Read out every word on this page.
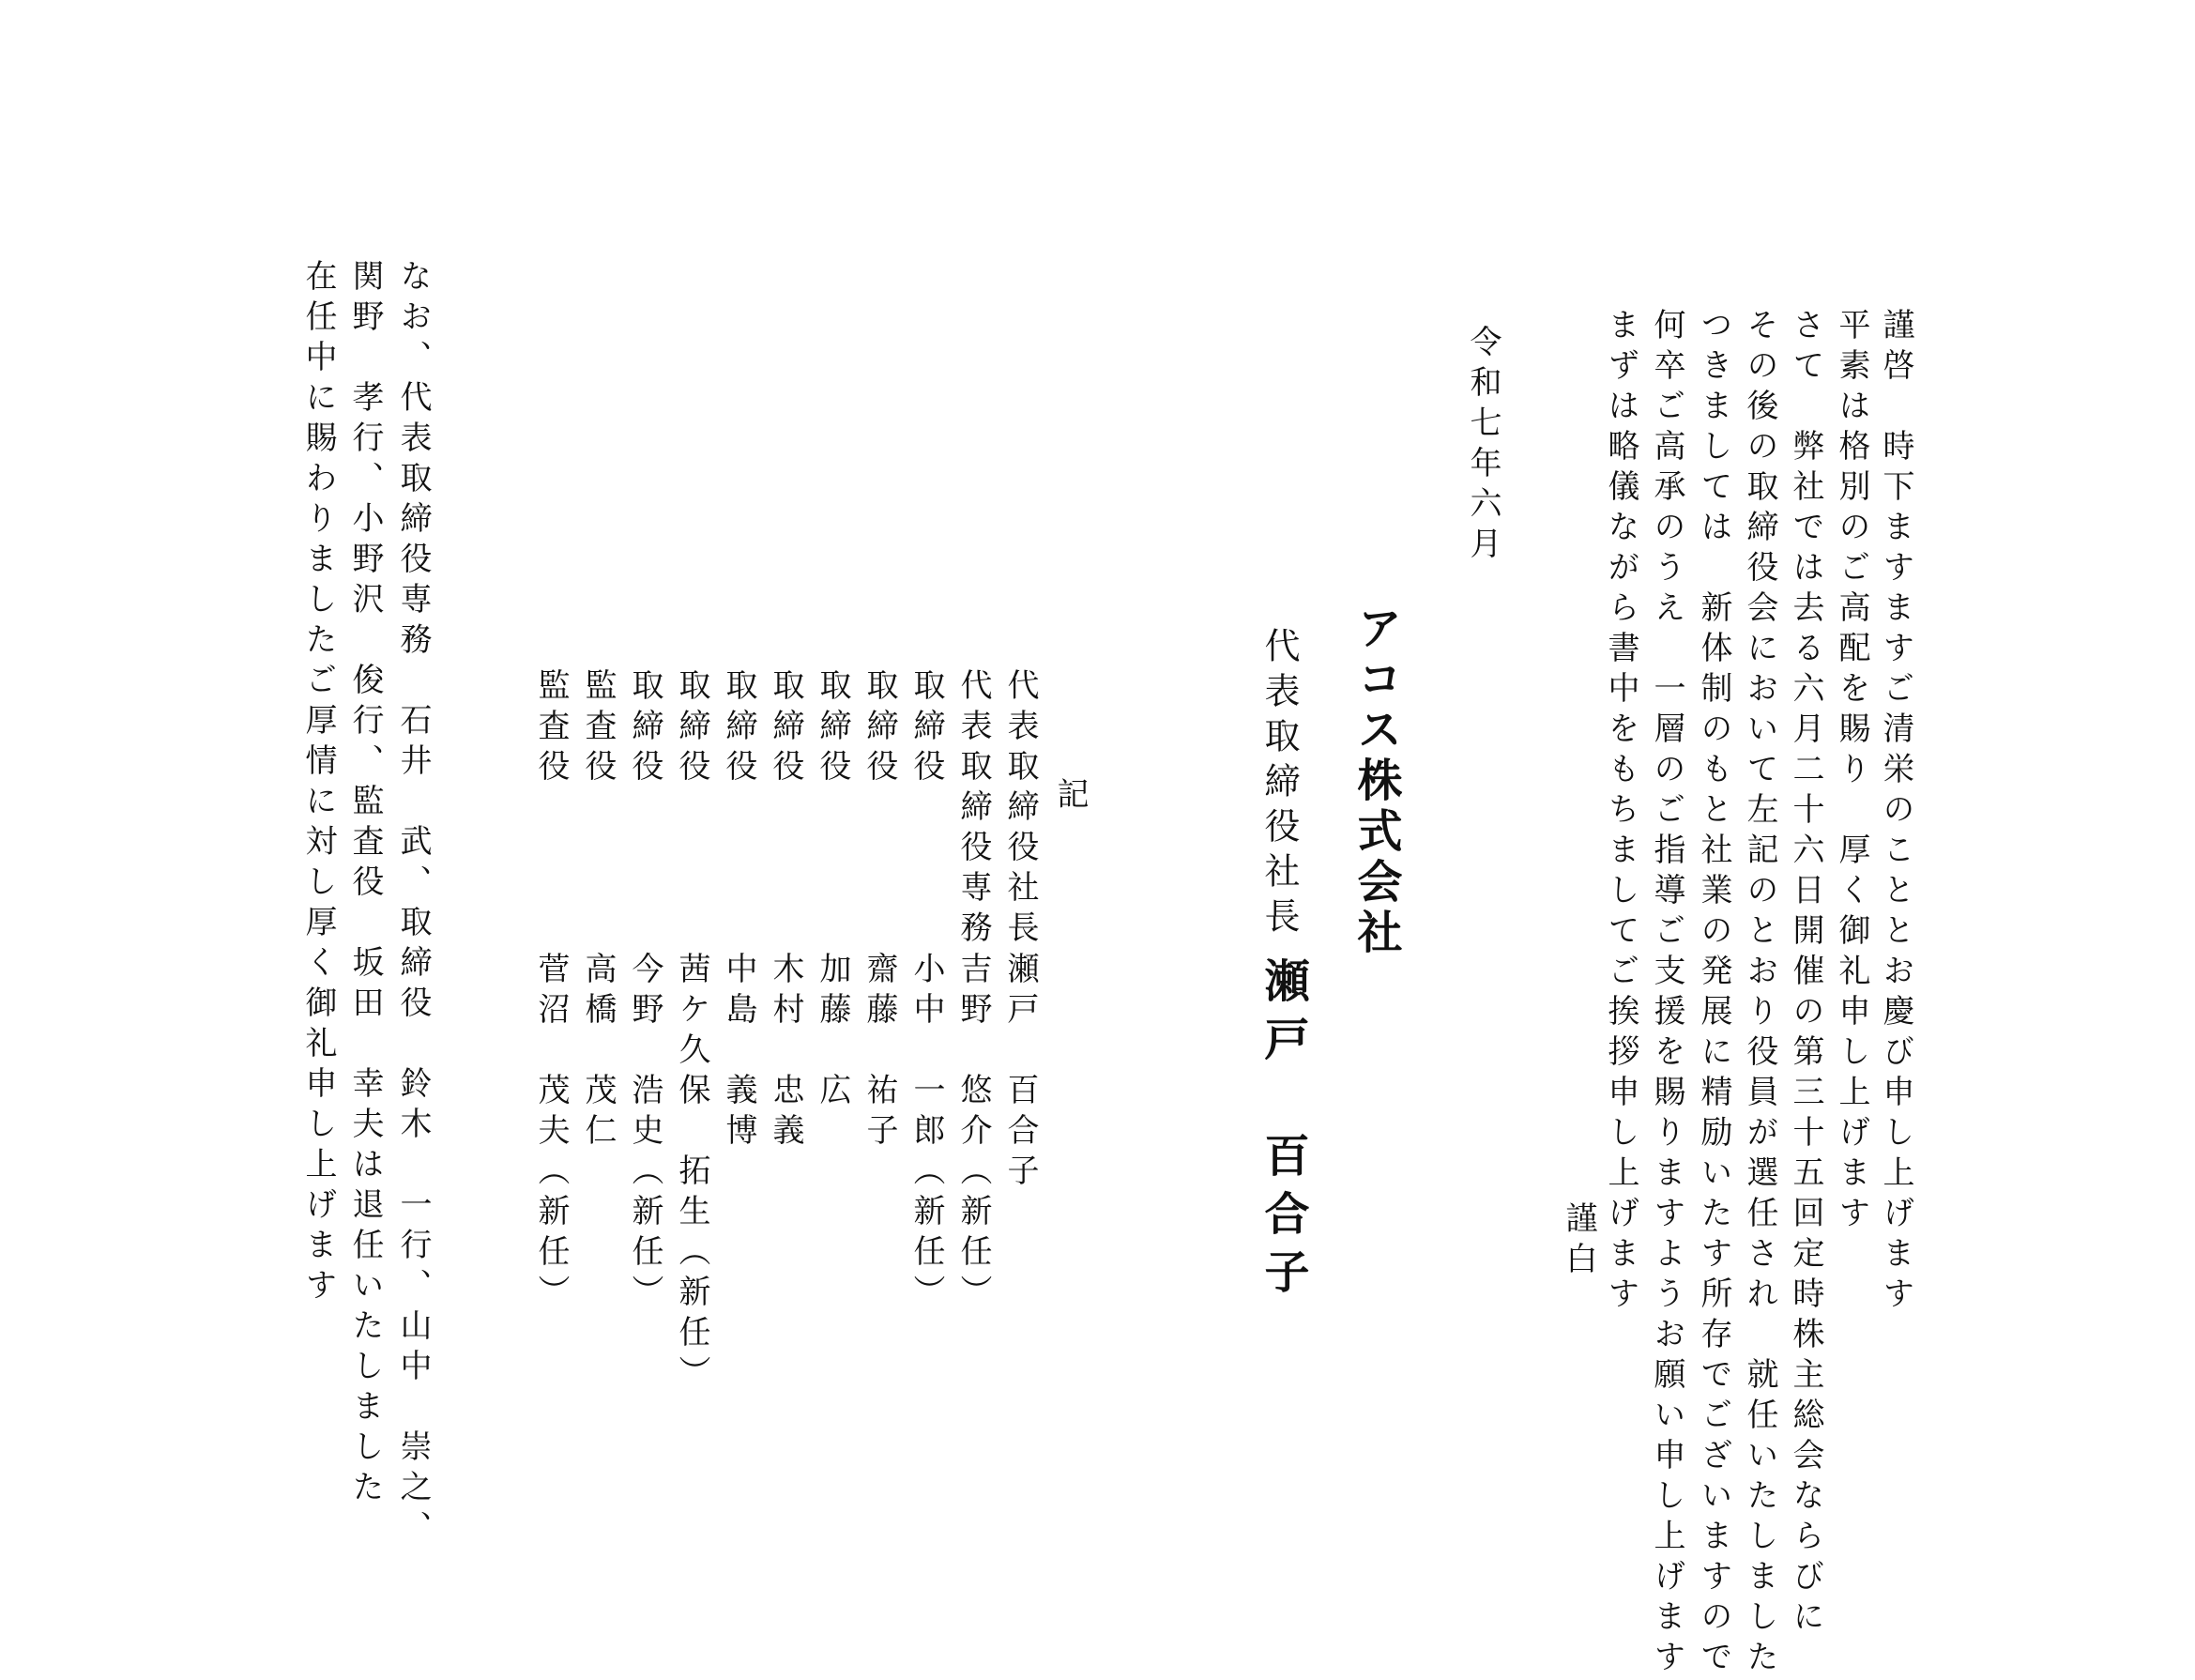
謹啓　時下ますますご清栄のこととお慶び申し上げます
平素は格別のご高配を賜り　厚く御礼申し上げます
さて　弊社では去る六月二十六日開催の第三十五回定時株主総会ならびに
その後の取締役会において左記のとおり役員が選任され　就任いたしました
つきましては　新体制のもと社業の発展に精励いたす所存でございますので
何卒ご高承のうえ　一層のご指導ご支援を賜りますようお願い申し上げます
まずは略儀ながら書中をもちましてご挨拶申し上げます
謹白
令和七年六月
アコス株式会社
代表取締役社長
瀬戸　百合子
記
代表取締役社長
代表取締役専務
取締役
取締役
取締役
取締役
取締役
取締役
取締役
監査役
監査役
瀬戸　百合子
吉野　悠介（新任）
小中　一郎（新任）
齋藤　祐子
加藤　広
木村　忠義
中島　義博
茜ケ久保　拓生（新任）
今野　浩史（新任）
高橋　茂仁
菅沼　茂夫（新任）
なお、代表取締役専務　石井　武、取締役　鈴木　一行、山中　崇之、
関野　孝行、小野沢　俊行、監査役　坂田　幸夫は退任いたしました
在任中に賜わりましたご厚情に対し厚く御礼申し上げます
